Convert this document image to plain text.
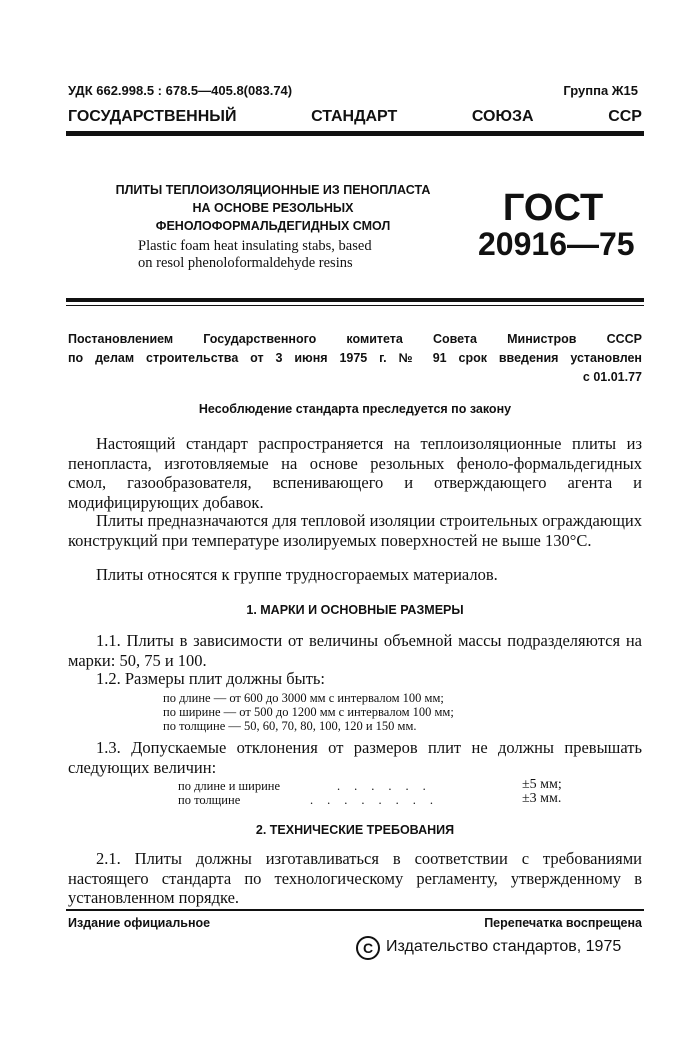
УДК 662.998.5 : 678.5—405.8(083.74)	Группа Ж15
ГОСУДАРСТВЕННЫЙ	СТАНДАРТ	СОЮЗА	ССР
ПЛИТЫ ТЕПЛОИЗОЛЯЦИОННЫЕ ИЗ ПЕНОПЛАСТА
НА ОСНОВЕ РЕЗОЛЬНЫХ
ФЕНОЛОФОРМАЛЬДЕГИДНЫХ СМОЛ
Plastic foam heat insulating stabs, based
on resol phenoloformaldehyde resins
ГОСТ
20916—75
Постановлением Государственного комитета Совета Министров СССР
по делам строительства от 3 июня 1975 г. № 91 срок введения установлен
с 01.01.77
Несоблюдение стандарта преследуется по закону
Настоящий стандарт распространяется на теплоизоляционные плиты из пенопласта, изготовляемые на основе резольных феноло-формальдегидных смол, газообразователя, вспенивающего и отверждающего агента и модифицирующих добавок.
Плиты предназначаются для тепловой изоляции строительных ограждающих конструкций при температуре изолируемых поверхностей не выше 130°С.
Плиты относятся к группе трудносгораемых материалов.
1. МАРКИ И ОСНОВНЫЕ РАЗМЕРЫ
1.1. Плиты в зависимости от величины объемной массы подразделяются на марки: 50, 75 и 100.
1.2. Размеры плит должны быть:
по длине — от 600 до 3000 мм с интервалом 100 мм;
по ширине — от 500 до 1200 мм с интервалом 100 мм;
по толщине — 50, 60, 70, 80, 100, 120 и 150 мм.
1.3. Допускаемые отклонения от размеров плит не должны превышать следующих величин:
по длине и ширине	......	±5 мм;
по толщине	........	±3 мм.
2. ТЕХНИЧЕСКИЕ ТРЕБОВАНИЯ
2.1. Плиты должны изготавливаться в соответствии с требованиями настоящего стандарта по технологическому регламенту, утвержденному в установленном порядке.
Издание официальное	Перепечатка воспрещена
C Издательство стандартов, 1975
